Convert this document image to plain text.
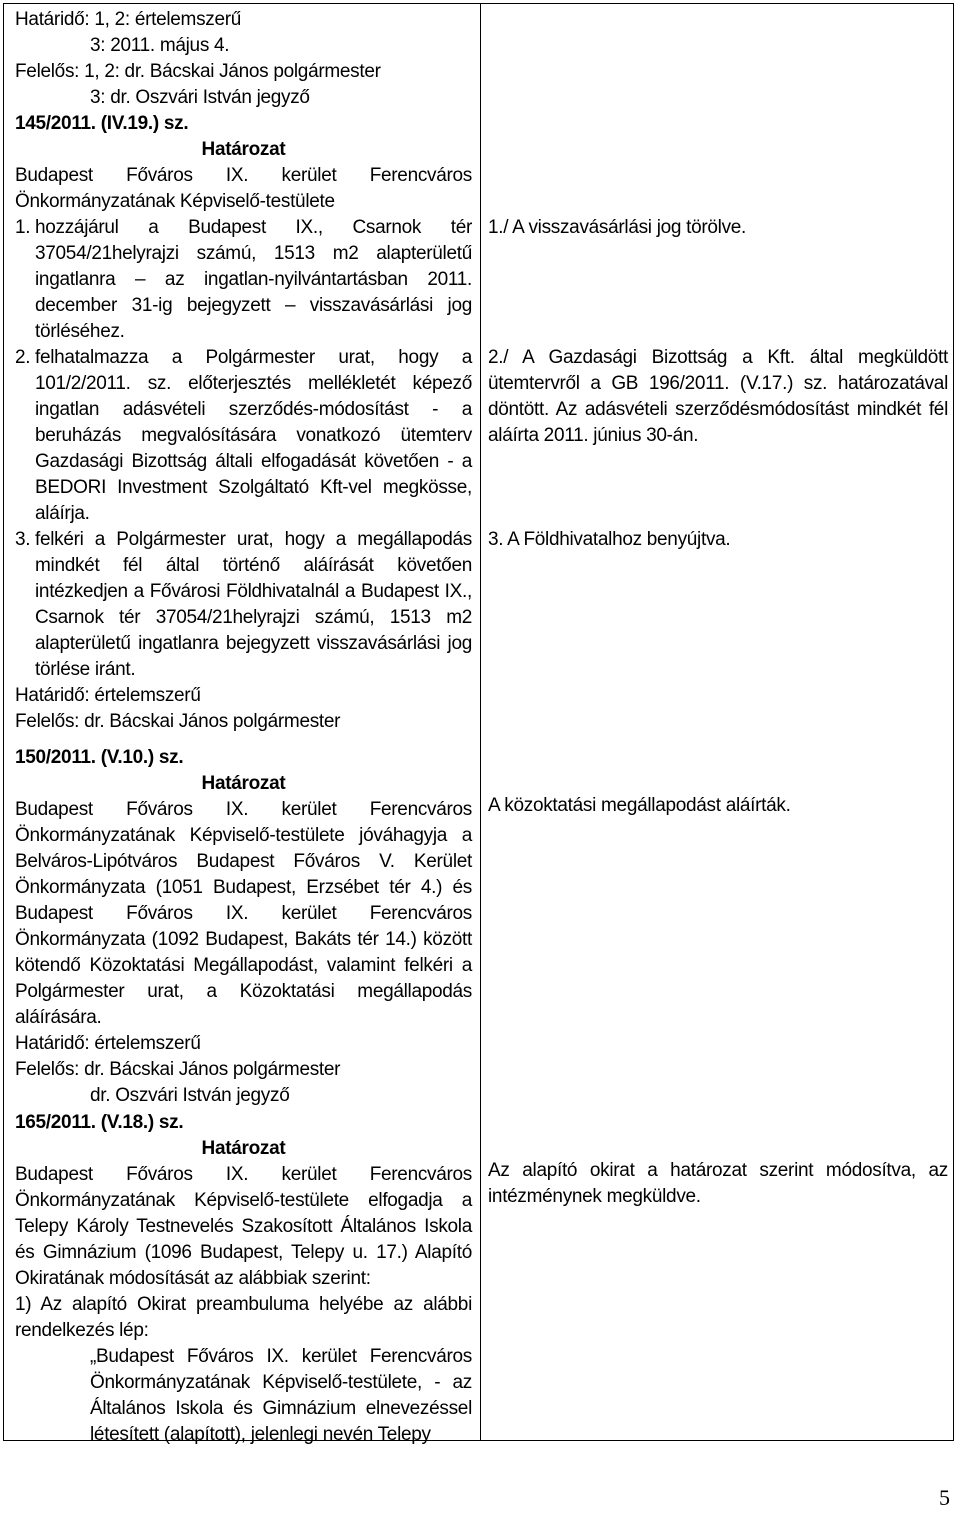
Határidő: 1, 2: értelemszerű

3: 2011. május 4.

Felelős: 1, 2: dr. Bácskai János polgármester

3: dr. Oszvári István jegyző

145/2011. (IV.19.) sz.

Határozat

Budapest Főváros IX. kerület Ferencváros

Önkormányzatának Képviselő-testülete

1. hozzájárul a Budapest IX., Csarnok tér 37054/21helyrajzi számú, 1513 m2 alapterületű ingatlanra – az ingatlan-nyilvántartásban 2011. december 31-ig bejegyzett – visszavásárlási jog törléséhez.

2. felhatalmazza a Polgármester urat, hogy a 101/2/2011. sz. előterjesztés mellékletét képező ingatlan adásvételi szerződés-módosítást - a beruházás megvalósítására vonatkozó ütemterv Gazdasági Bizottság általi elfogadását követően - a BEDORI Investment Szolgáltató Kft-vel megkösse, aláírja.

3. felkéri a Polgármester urat, hogy a megállapodás mindkét fél által történő aláírását követően intézkedjen a Fővárosi Földhivatalnál a Budapest IX., Csarnok tér 37054/21helyrajzi számú, 1513 m2 alapterületű ingatlanra bejegyzett visszavásárlási jog törlése iránt.

Határidő: értelemszerű

Felelős: dr. Bácskai János polgármester

150/2011. (V.10.) sz.

Határozat

Budapest Főváros IX. kerület Ferencváros

Önkormányzatának Képviselő-testülete jóváhagyja a Belváros-Lipótváros Budapest Főváros V. Kerület Önkormányzata (1051 Budapest, Erzsébet tér 4.) és Budapest Főváros IX. kerület Ferencváros Önkormányzata (1092 Budapest, Bakáts tér 14.) között kötendő Közoktatási Megállapodást, valamint felkéri a Polgármester urat, a Közoktatási megállapodás aláírására.

Határidő: értelemszerű

Felelős: dr. Bácskai János polgármester

dr. Oszvári István jegyző

165/2011. (V.18.) sz.

Határozat

Budapest Főváros IX. kerület Ferencváros

Önkormányzatának Képviselő-testülete elfogadja a Telepy Károly Testnevelés Szakosított Általános Iskola és Gimnázium (1096 Budapest, Telepy u. 17.) Alapító Okiratának módosítását az alábbiak szerint:

1) Az alapító Okirat preambuluma helyébe az alábbi rendelkezés lép:

„Budapest Főváros IX. kerület Ferencváros Önkormányzatának Képviselő-testülete, - az Általános Iskola és Gimnázium elnevezéssel létesített (alapított), jelenlegi nevén Telepy

1./ A visszavásárlási jog törölve.

2./ A Gazdasági Bizottság a Kft. által megküldött ütemtervről a GB 196/2011. (V.17.) sz. határozatával döntött. Az adásvételi szerződésmódosítást mindkét fél aláírta 2011. június 30-án.

3. A Földhivatalhoz benyújtva.

A közoktatási megállapodást aláírták.

Az alapító okirat a határozat szerint módosítva, az intézménynek megküldve.

5
